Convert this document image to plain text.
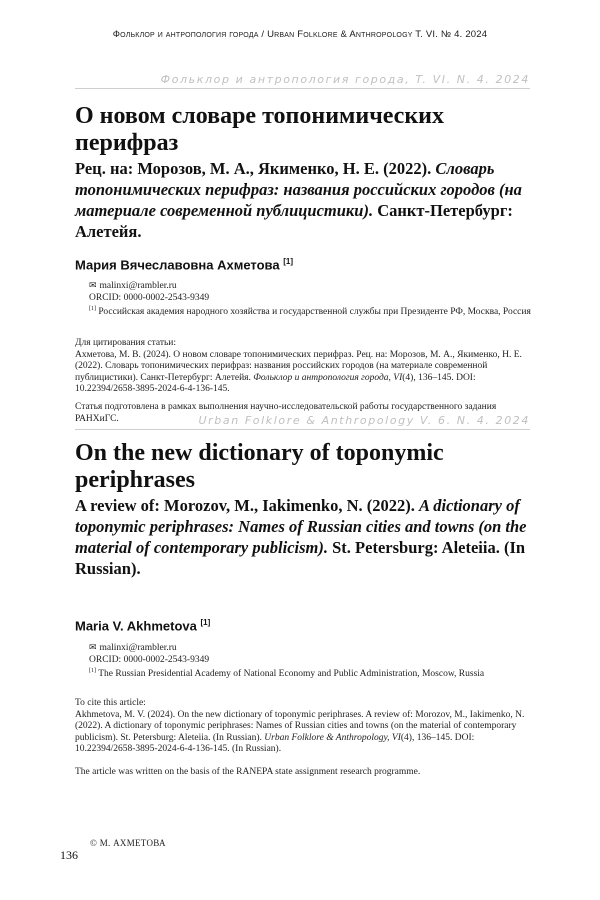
Фольклор и антропология города / Urban Folklore & Anthropology T. VI. № 4. 2024
Фольклор и антропология города, T. VI. N. 4. 2024
О новом словаре топонимических перифраз

Рец. на: Морозов, М. А., Якименко, Н. Е. (2022). Словарь топонимических перифраз: названия российских городов (на материале современной публицистики). Санкт-Петербург: Алетейя.

Мария Вячеславовна Ахметова [1]

✉ malinxi@rambler.ru
ORCID: 0000-0002-2543-9349
[1] Российская академия народного хозяйства и государственной службы при Президенте РФ, Москва, Россия

Для цитирования статьи:

Ахметова, М. В. (2024). О новом словаре топонимических перифраз. Рец. на: Морозов, М. А., Якименко, Н. Е. (2022). Словарь топонимических перифраз: названия российских городов (на материале современной публицистики). Санкт-Петербург: Алетейя. Фольклор и антропология города, VI(4), 136–145. DOI: 10.22394/2658-3895-2024-6-4-136-145.

Статья подготовлена в рамках выполнения научно-исследовательской работы государственного задания РАНХиГС.	Urban Folklore & Anthropology V. 6. N. 4. 2024
On the new dictionary of toponymic periphrases

A review of: Morozov, M., Iakimenko, N. (2022). A dictionary of toponymic periphrases: Names of Russian cities and towns (on the material of contemporary publicism). St. Petersburg: Aleteiia. (In Russian).

Maria V. Akhmetova [1]

✉ malinxi@rambler.ru
ORCID: 0000-0002-2543-9349
[1] The Russian Presidential Academy of National Economy and Public Administration, Moscow, Russia

To cite this article:

Akhmetova, M. V. (2024). On the new dictionary of toponymic periphrases. A review of: Morozov, M., Iakimenko, N. (2022). A dictionary of toponymic periphrases: Names of Russian cities and towns (on the material of contemporary publicism). St. Petersburg: Aleteiia. (In Russian). Urban Folklore & Anthropology, VI(4), 136–145. DOI: 10.22394/2658-3895-2024-6-4-136-145. (In Russian).

The article was written on the basis of the RANEPA state assignment research programme.

© М. АХМЕТОВА
136
